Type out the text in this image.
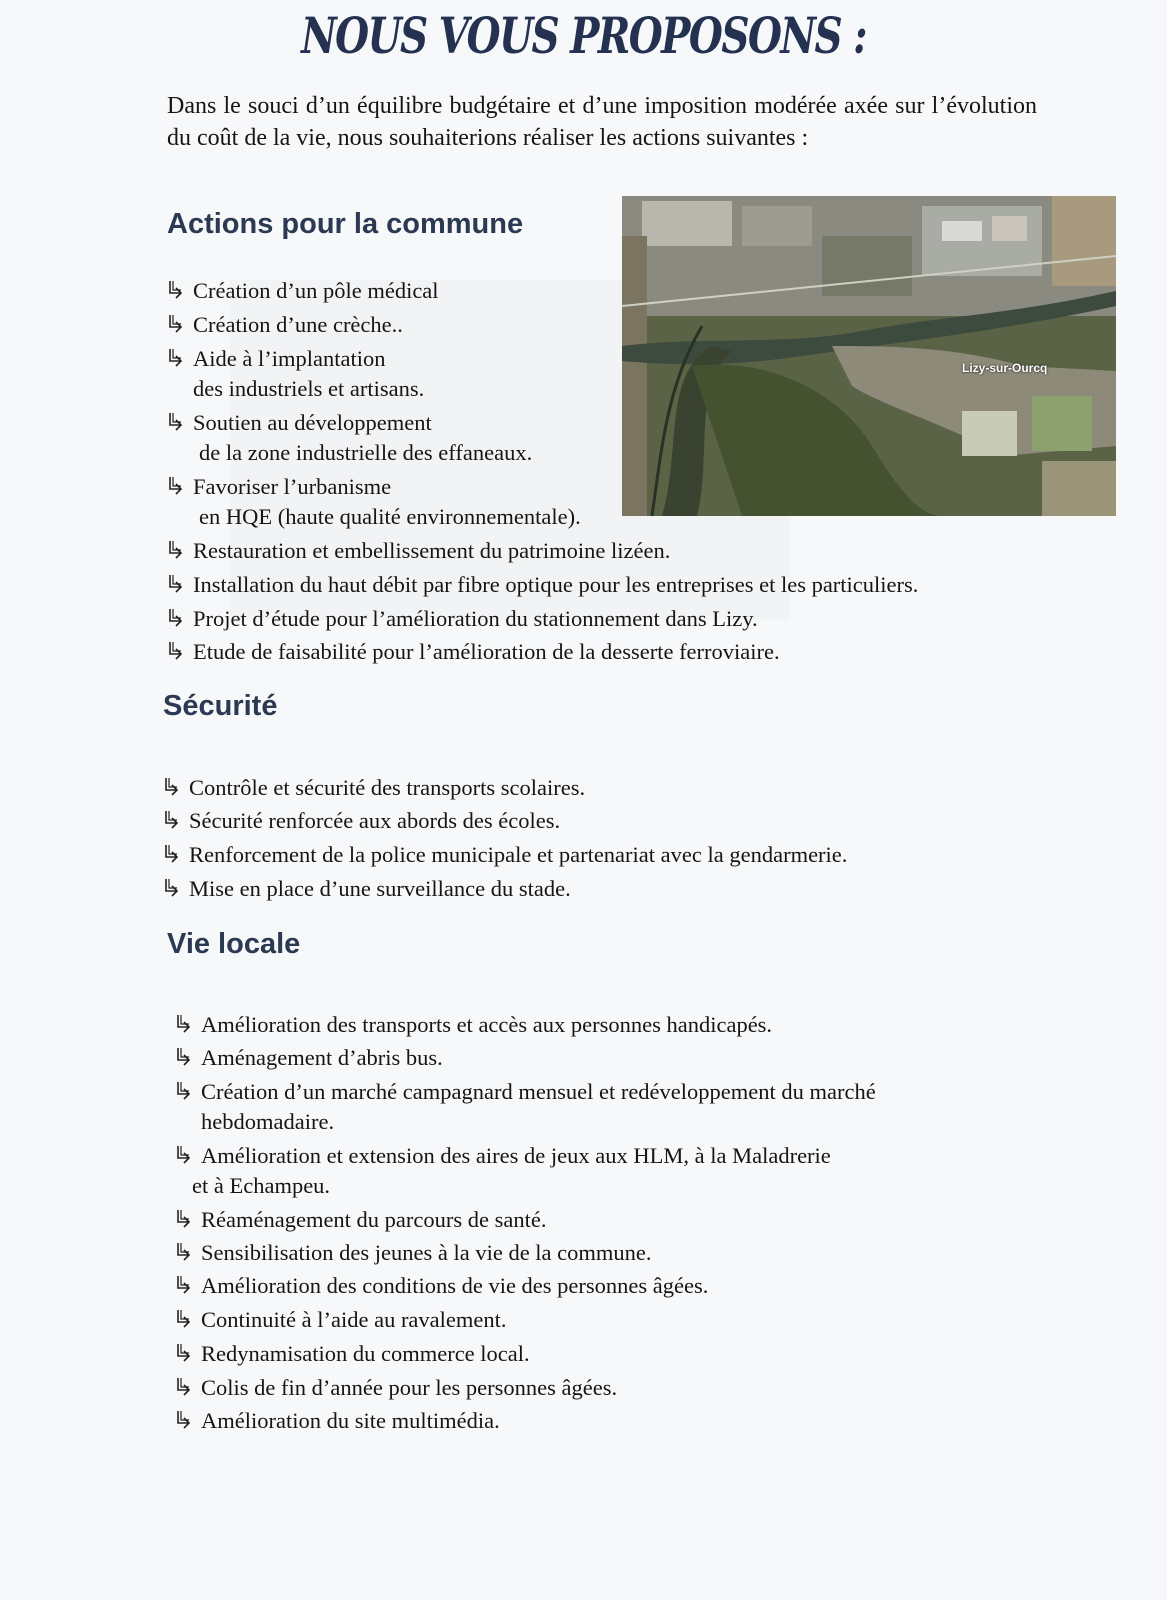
NOUS VOUS PROPOSONS :
Dans le souci d’un équilibre budgétaire et d’une imposition modérée axée sur l’évolution du coût de la vie, nous souhaiterions réaliser les actions suivantes :
Lizy-sur-Ourcq
Actions pour la commune
Création d’un pôle médical
Création d’une crèche..
Aide à l’implantation
des industriels et artisans.
Soutien au développement
de la zone industrielle des effaneaux.
Favoriser l’urbanisme
en HQE (haute qualité environnementale).
Restauration et embellissement du patrimoine lizéen.
Installation du haut débit par fibre optique pour les entreprises et les particuliers.
Projet d’étude pour l’amélioration du stationnement dans Lizy.
Etude de faisabilité pour l’amélioration de la desserte ferroviaire.
Sécurité
Contrôle et sécurité des transports scolaires.
Sécurité renforcée aux abords des écoles.
Renforcement de la police municipale et partenariat avec la gendarmerie.
Mise en place d’une surveillance du stade.
Vie locale
Amélioration des transports et accès aux personnes handicapés.
Aménagement d’abris bus.
Création d’un marché campagnard mensuel et redéveloppement du marché
hebdomadaire.
Amélioration et extension des aires de jeux aux HLM, à la Maladrerie
et à Echampeu.
Réaménagement du parcours de santé.
Sensibilisation des jeunes à la vie de la commune.
Amélioration des conditions de vie des personnes âgées.
Continuité à l’aide au ravalement.
Redynamisation du commerce local.
Colis de fin d’année pour les personnes âgées.
Amélioration du site multimédia.
